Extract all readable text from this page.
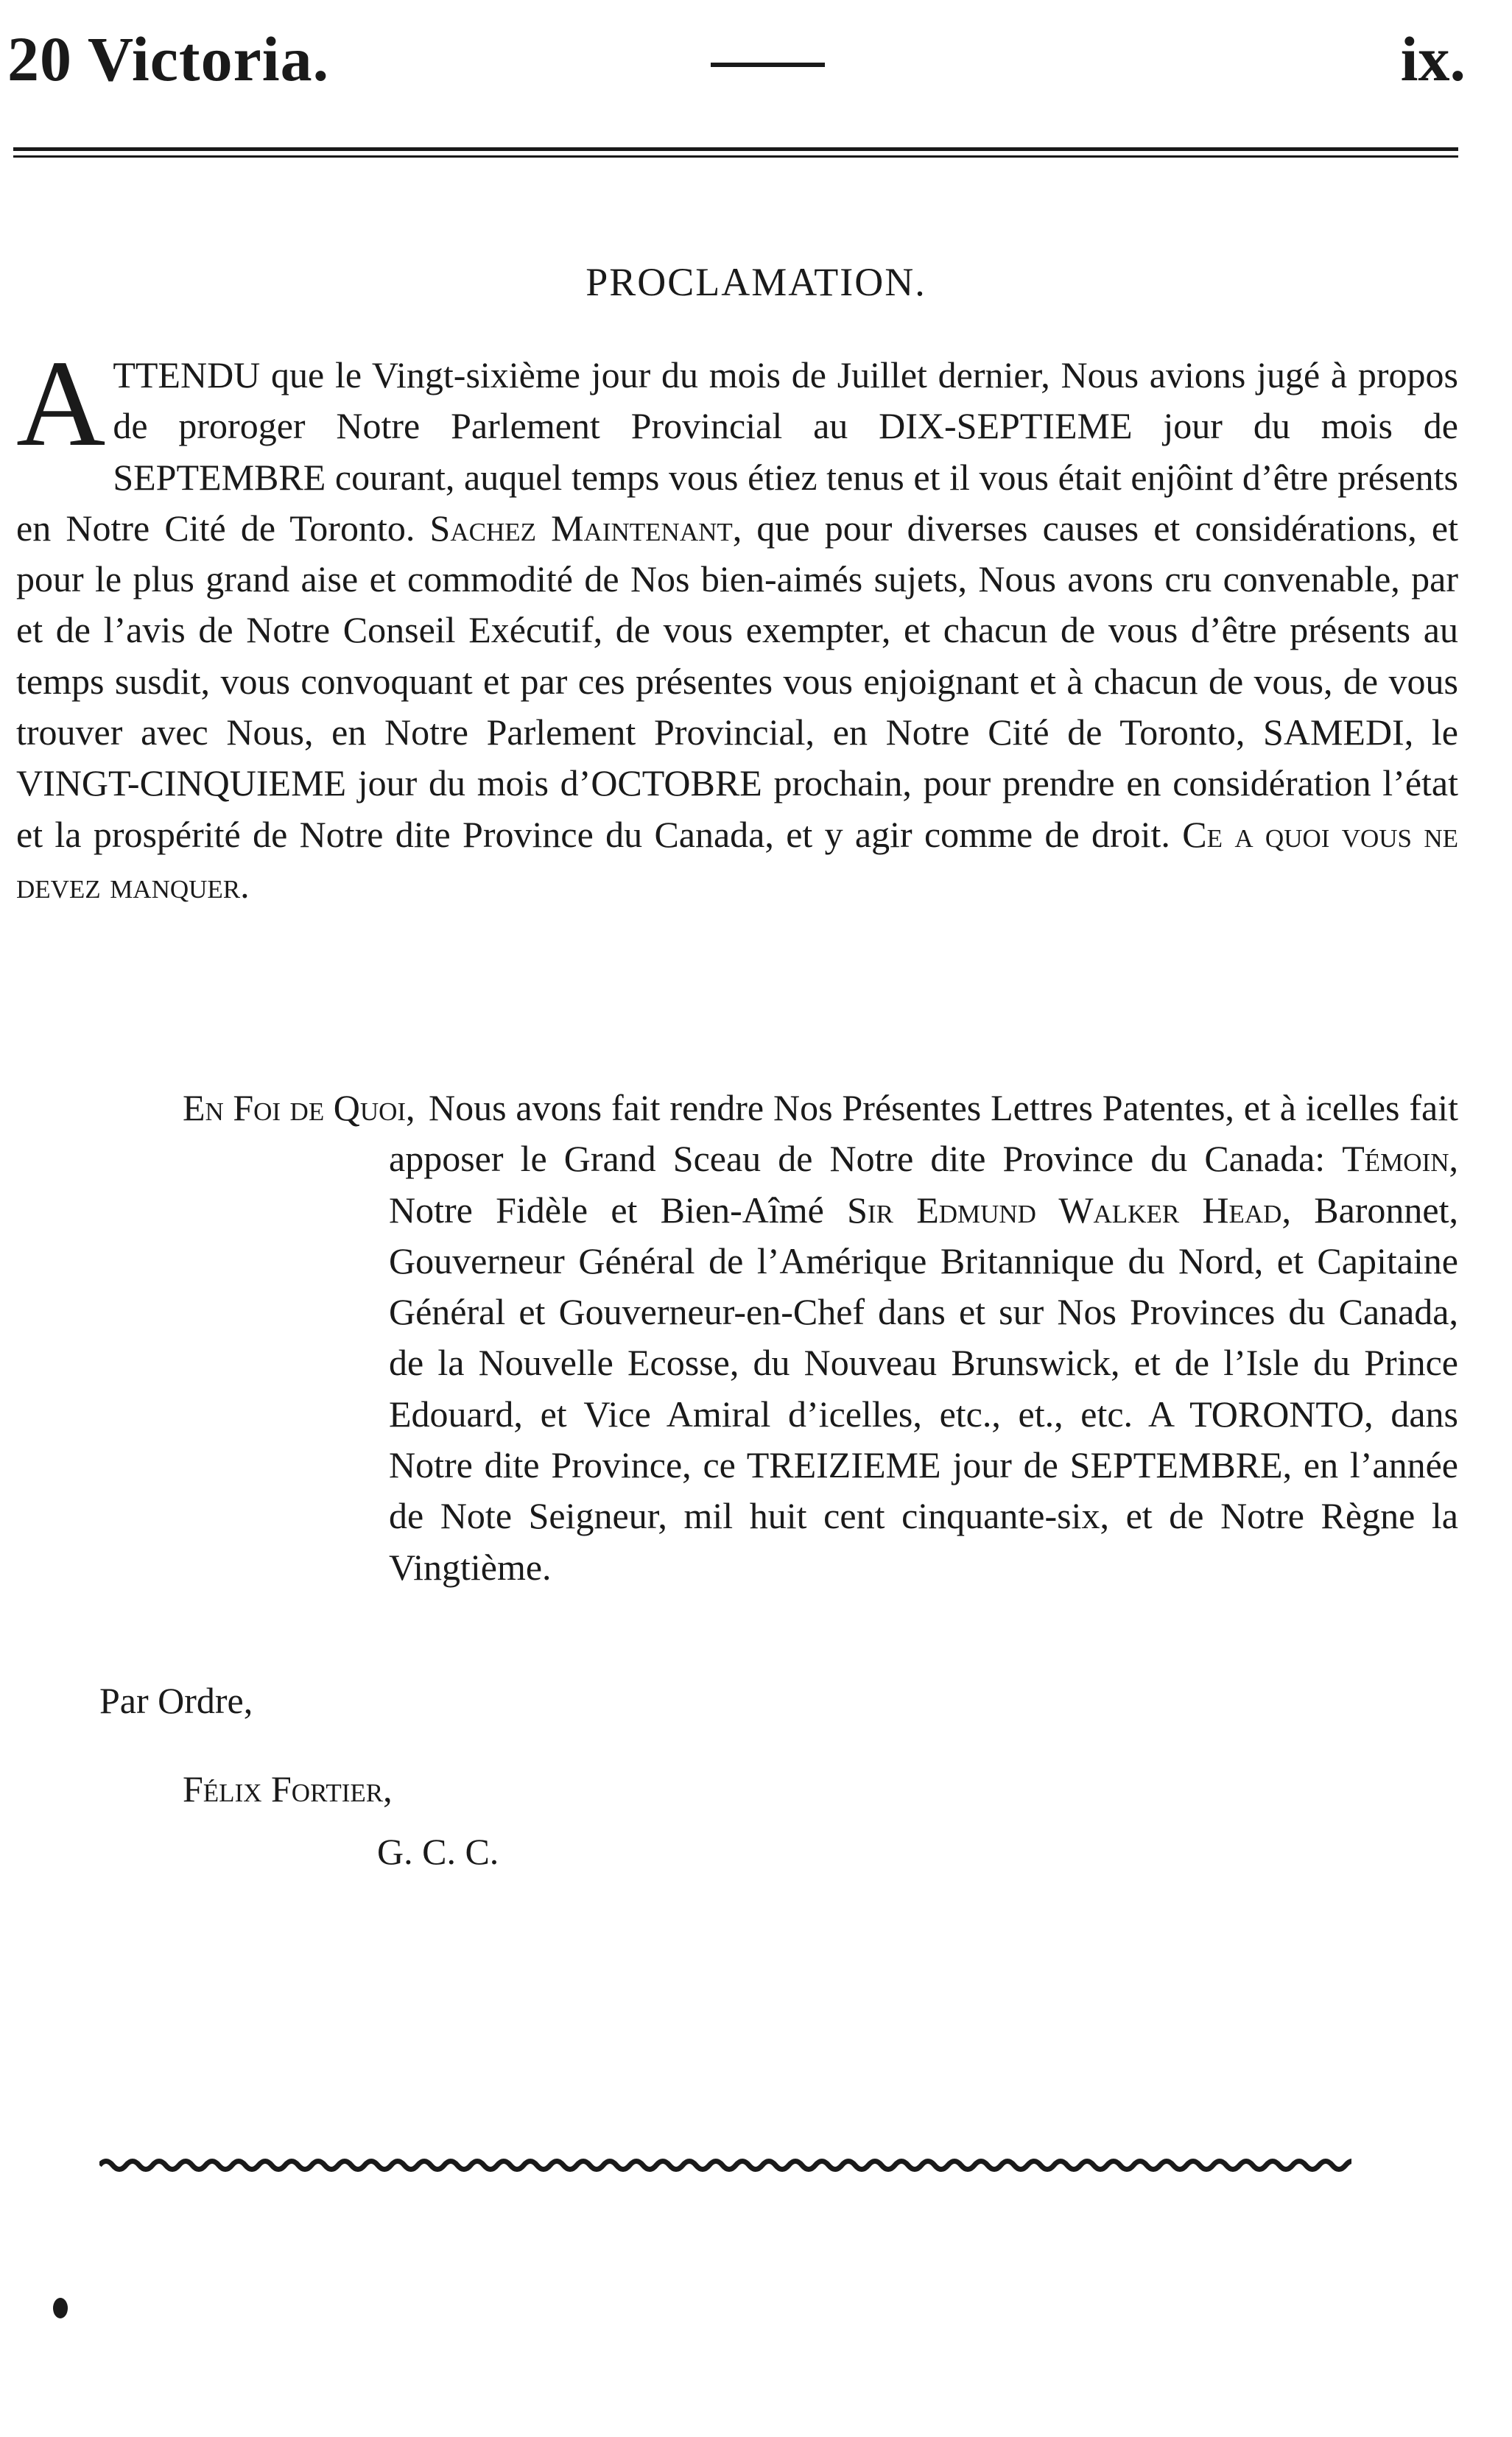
20 Victoria.	ix.
PROCLAMATION.
ATTENDU que le Vingt-sixième jour du mois de Juillet dernier, Nous avions jugé à propos de proroger Notre Parlement Provincial au DIX-SEPTIEME jour du mois de SEPTEMBRE courant, auquel temps vous étiez tenus et il vous était enjôint d’être présents en Notre Cité de Toronto. Sachez Maintenant, que pour diverses causes et considérations, et pour le plus grand aise et commodité de Nos bien-aimés sujets, Nous avons cru convenable, par et de l’avis de Notre Conseil Exécutif, de vous exempter, et chacun de vous d’être présents au temps susdit, vous convoquant et par ces présentes vous enjoignant et à chacun de vous, de vous trouver avec Nous, en Notre Parlement Provincial, en Notre Cité de Toronto, SAMEDI, le VINGT-CINQUIEME jour du mois d’OCTOBRE prochain, pour prendre en considération l’état et la prospérité de Notre dite Province du Canada, et y agir comme de droit. Ce a quoi vous ne devez manquer.
En Foi de Quoi, Nous avons fait rendre Nos Présentes Lettres Patentes, et à icelles fait apposer le Grand Sceau de Notre dite Province du Canada: Témoin, Notre Fidèle et Bien-Aîmé Sir Edmund Walker Head, Baronnet, Gouverneur Général de l’Amérique Britannique du Nord, et Capitaine Général et Gouverneur-en-Chef dans et sur Nos Provinces du Canada, de la Nouvelle Ecosse, du Nouveau Brunswick, et de l’Isle du Prince Edouard, et Vice Amiral d’icelles, etc., et., etc. A TORONTO, dans Notre dite Province, ce TREIZIEME jour de SEPTEMBRE, en l’année de Note Seigneur, mil huit cent cinquante-six, et de Notre Règne la Vingtième.
Par Ordre,
Félix Fortier,
G. C. C.
